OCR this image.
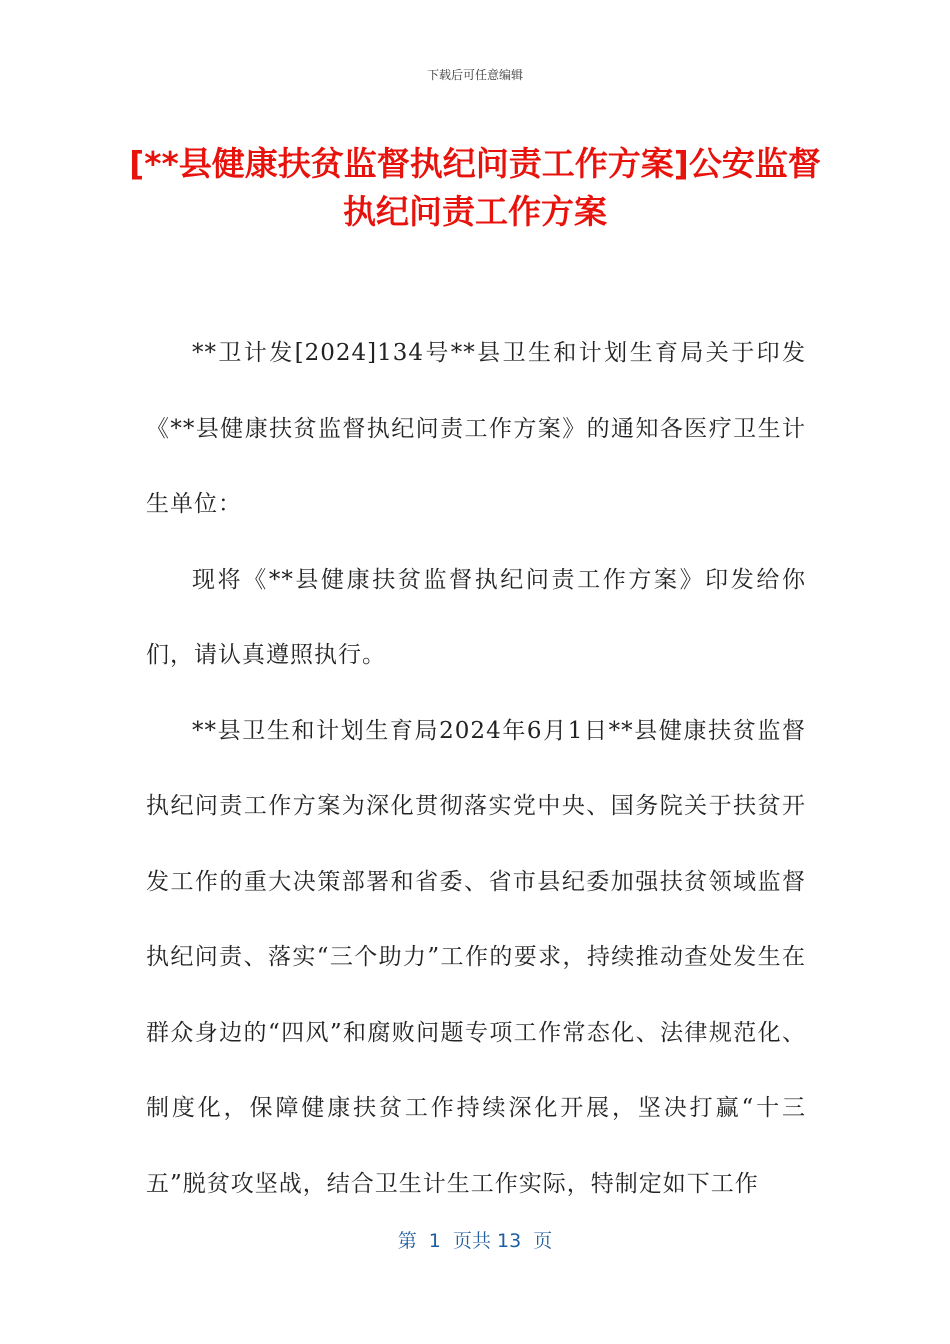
下载后可任意编辑
[**县健康扶贫监督执纪问责工作方案]公安监督执纪问责工作方案

**卫计发[2024]134号**县卫生和计划生育局关于印发《**县健康扶贫监督执纪问责工作方案》的通知各医疗卫生计生单位：

现将《**县健康扶贫监督执纪问责工作方案》印发给你们，请认真遵照执行。

**县卫生和计划生育局2024年6月1日**县健康扶贫监督执纪问责工作方案为深化贯彻落实党中央、国务院关于扶贫开发工作的重大决策部署和省委、省市县纪委加强扶贫领域监督执纪问责、落实“三个助力”工作的要求，持续推动查处发生在群众身边的“四风”和腐败问题专项工作常态化、法律规范化、制度化，保障健康扶贫工作持续深化开展，坚决打赢“十三五”脱贫攻坚战，结合卫生计生工作实际，特制定如下工作

第  1  页共 13  页
